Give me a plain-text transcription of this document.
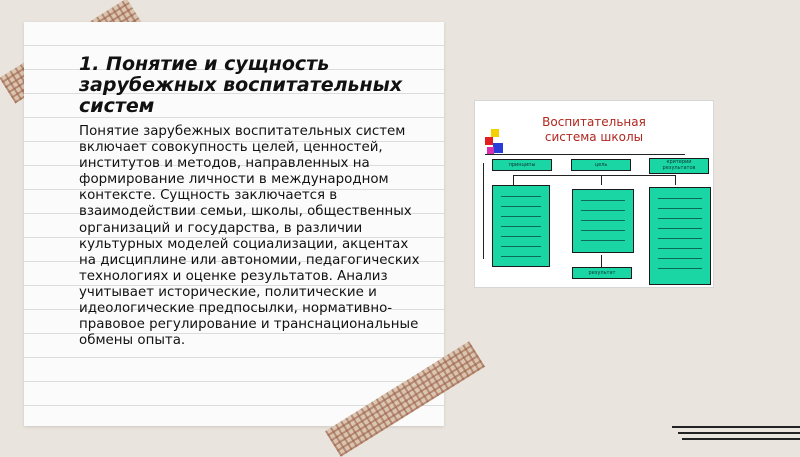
1. Понятие и сущность зарубежных воспитательных систем

Понятие зарубежных воспитательных систем включает совокупность целей, ценностей, институтов и методов, направленных на формирование личности в международном контексте. Сущность заключается в взаимодействии семьи, школы, общественных организаций и государства, в различии культурных моделей социализации, акцентах на дисциплине или автономии, педагогических технологиях и оценке результатов. Анализ учитывает исторические, политические и идеологические предпосылки, нормативно-правовое регулирование и транснациональные обмены опыта.

Воспитательная
система школы
принципы	цель	критерии результатов
результат
